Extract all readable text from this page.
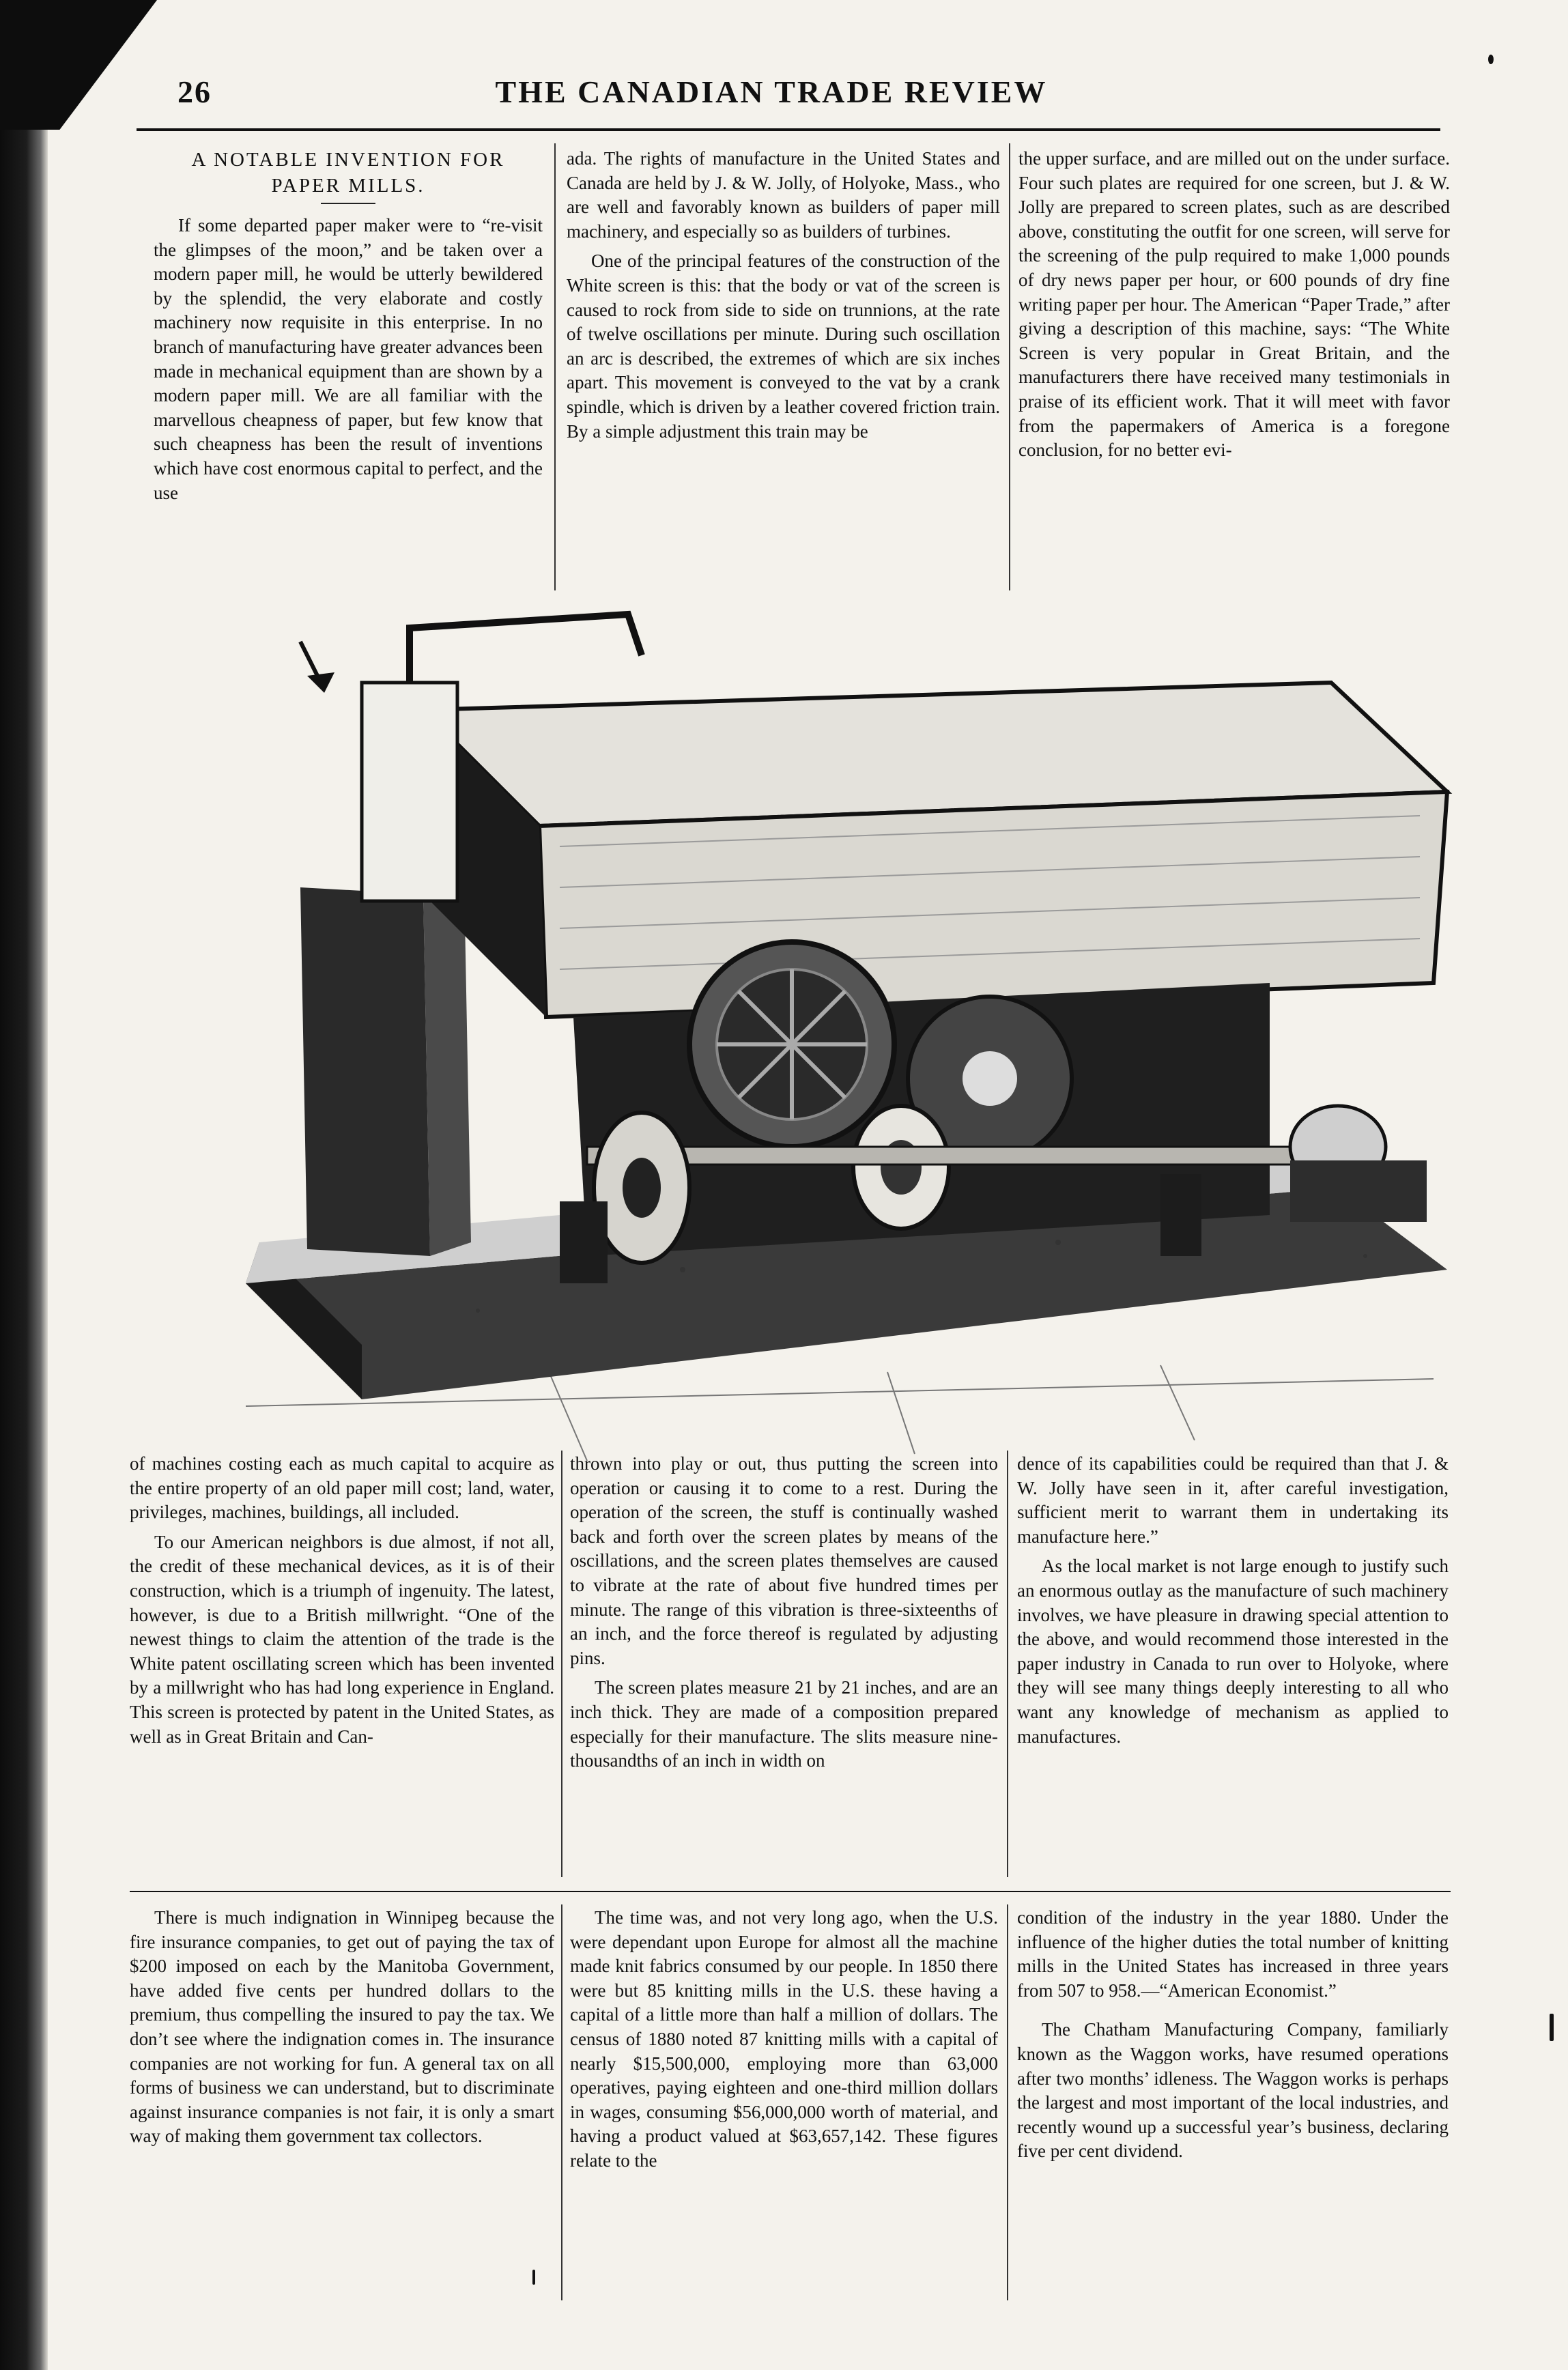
26	THE CANADIAN TRADE REVIEW
A NOTABLE INVENTION FOR PAPER MILLS.

If some departed paper maker were to “re-visit the glimpses of the moon,” and be taken over a modern paper mill, he would be utterly bewildered by the splendid, the very elaborate and costly machinery now requisite in this enterprise. In no branch of manufacturing have greater advances been made in mechanical equipment than are shown by a modern paper mill. We are all familiar with the marvellous cheapness of paper, but few know that such cheapness has been the result of inventions which have cost enormous capital to perfect, and the use

ada. The rights of manufacture in the United States and Canada are held by J. & W. Jolly, of Holyoke, Mass., who are well and favorably known as builders of paper mill machinery, and especially so as builders of turbines.

One of the principal features of the construction of the White screen is this: that the body or vat of the screen is caused to rock from side to side on trunnions, at the rate of twelve oscillations per minute. During such oscillation an arc is described, the extremes of which are six inches apart. This movement is conveyed to the vat by a crank spindle, which is driven by a leather covered friction train. By a simple adjustment this train may be

the upper surface, and are milled out on the under surface. Four such plates are required for one screen, but J. & W. Jolly are prepared to screen plates, such as are described above, constituting the outfit for one screen, will serve for the screening of the pulp required to make 1,000 pounds of dry news paper per hour, or 600 pounds of dry fine writing paper per hour. The American “Paper Trade,” after giving a description of this machine, says: “The White Screen is very popular in Great Britain, and the manufacturers there have received many testimonials in praise of its efficient work. That it will meet with favor from the papermakers of America is a foregone conclusion, for no better evi-

of machines costing each as much capital to acquire as the entire property of an old paper mill cost; land, water, privileges, machines, buildings, all included.

To our American neighbors is due almost, if not all, the credit of these mechanical devices, as it is of their construction, which is a triumph of ingenuity. The latest, however, is due to a British millwright. “One of the newest things to claim the attention of the trade is the White patent oscillating screen which has been invented by a millwright who has had long experience in England. This screen is protected by patent in the United States, as well as in Great Britain and Can-

thrown into play or out, thus putting the screen into operation or causing it to come to a rest. During the operation of the screen, the stuff is continually washed back and forth over the screen plates by means of the oscillations, and the screen plates themselves are caused to vibrate at the rate of about five hundred times per minute. The range of this vibration is three-sixteenths of an inch, and the force thereof is regulated by adjusting pins.

The screen plates measure 21 by 21 inches, and are an inch thick. They are made of a composition prepared especially for their manufacture. The slits measure nine-thousandths of an inch in width on

dence of its capabilities could be required than that J. & W. Jolly have seen in it, after careful investigation, sufficient merit to warrant them in undertaking its manufacture here.”

As the local market is not large enough to justify such an enormous outlay as the manufacture of such machinery involves, we have pleasure in drawing special attention to the above, and would recommend those interested in the paper industry in Canada to run over to Holyoke, where they will see many things deeply interesting to all who want any knowledge of mechanism as applied to manufactures.

There is much indignation in Winnipeg because the fire insurance companies, to get out of paying the tax of $200 imposed on each by the Manitoba Government, have added five cents per hundred dollars to the premium, thus compelling the insured to pay the tax. We don’t see where the indignation comes in. The insurance companies are not working for fun. A general tax on all forms of business we can understand, but to discriminate against insurance companies is not fair, it is only a smart way of making them government tax collectors.

The time was, and not very long ago, when the U.S. were dependant upon Europe for almost all the machine made knit fabrics consumed by our people. In 1850 there were but 85 knitting mills in the U.S. these having a capital of a little more than half a million of dollars. The census of 1880 noted 87 knitting mills with a capital of nearly $15,500,000, employing more than 63,000 operatives, paying eighteen and one-third million dollars in wages, consuming $56,000,000 worth of material, and having a product valued at $63,657,142. These figures relate to the

condition of the industry in the year 1880. Under the influence of the higher duties the total number of knitting mills in the United States has increased in three years from 507 to 958.—“American Economist.”

The Chatham Manufacturing Company, familiarly known as the Waggon works, have resumed operations after two months’ idleness. The Waggon works is perhaps the largest and most important of the local industries, and recently wound up a successful year’s business, declaring five per cent dividend.
